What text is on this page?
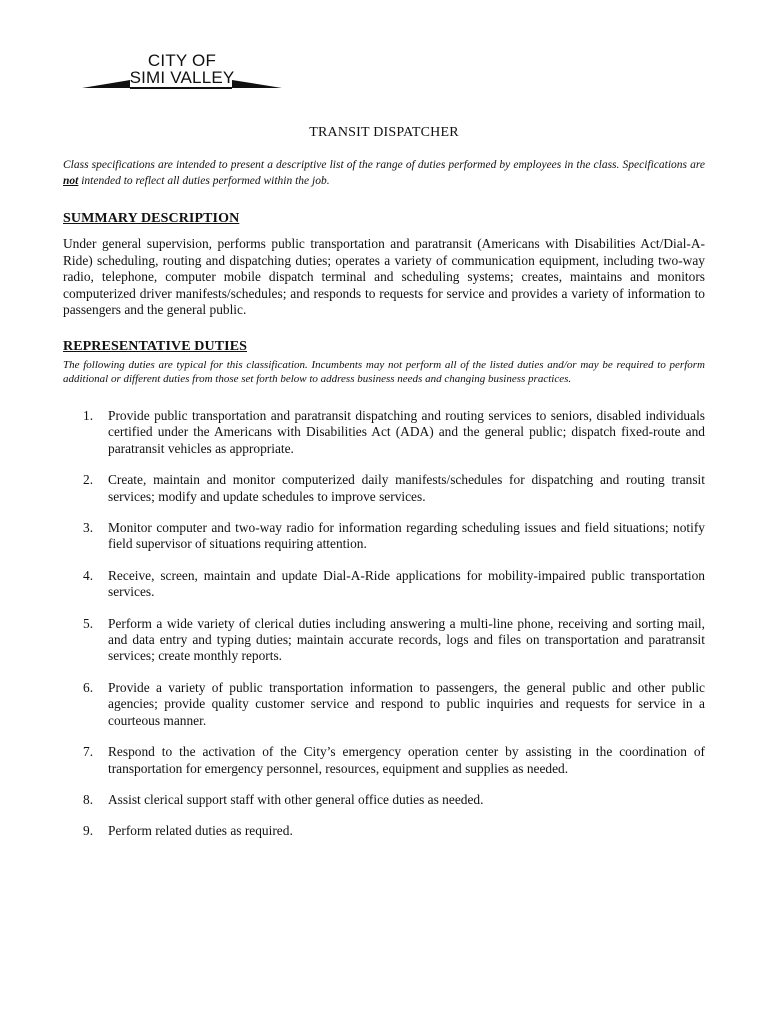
CITY OF
SIMI VALLEY
TRANSIT DISPATCHER
Class specifications are intended to present a descriptive list of the range of duties performed by employees in the class. Specifications are not intended to reflect all duties performed within the job.
SUMMARY DESCRIPTION
Under general supervision, performs public transportation and paratransit (Americans with Disabilities Act/Dial-A-Ride) scheduling, routing and dispatching duties; operates a variety of communication equipment, including two-way radio, telephone, computer mobile dispatch terminal and scheduling systems; creates, maintains and monitors computerized driver manifests/schedules; and responds to requests for service and provides a variety of information to passengers and the general public.
REPRESENTATIVE DUTIES
The following duties are typical for this classification. Incumbents may not perform all of the listed duties and/or may be required to perform additional or different duties from those set forth below to address business needs and changing business practices.
1.	Provide public transportation and paratransit dispatching and routing services to seniors, disabled individuals certified under the Americans with Disabilities Act (ADA) and the general public; dispatch fixed-route and paratransit vehicles as appropriate.
2.	Create, maintain and monitor computerized daily manifests/schedules for dispatching and routing transit services; modify and update schedules to improve services.
3.	Monitor computer and two-way radio for information regarding scheduling issues and field situations; notify field supervisor of situations requiring attention.
4.	Receive, screen, maintain and update Dial-A-Ride applications for mobility-impaired public transportation services.
5.	Perform a wide variety of clerical duties including answering a multi-line phone, receiving and sorting mail, and data entry and typing duties; maintain accurate records, logs and files on transportation and paratransit services; create monthly reports.
6.	Provide a variety of public transportation information to passengers, the general public and other public agencies; provide quality customer service and respond to public inquiries and requests for service in a courteous manner.
7.	Respond to the activation of the City’s emergency operation center by assisting in the coordination of transportation for emergency personnel, resources, equipment and supplies as needed.
8.	Assist clerical support staff with other general office duties as needed.
9.	Perform related duties as required.
